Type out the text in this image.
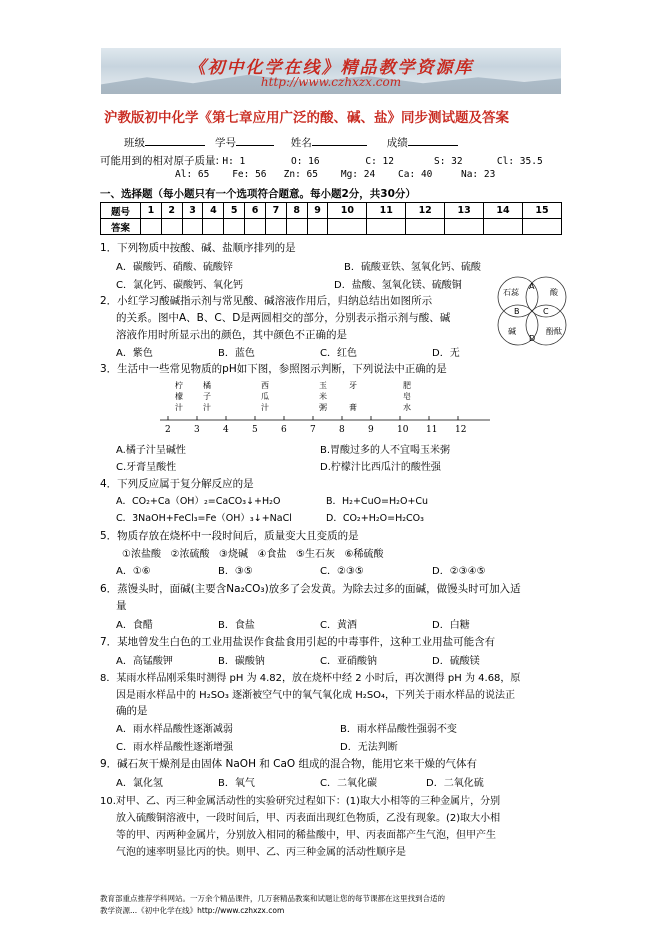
《初中化学在线》精品教学资源库
http://www.czhxzx.com
沪教版初中化学《第七章应用广泛的酸、碱、盐》同步测试题及答案
班级	学号	姓名	成绩
可能用到的相对原子质量: H: 1        O: 16        C: 12       S: 32      Cl: 35.5
Al: 65    Fe: 56   Zn: 65    Mg: 24    Ca: 40     Na: 23
一、选择题（每小题只有一个选项符合题意。每小题2分，共30分）
题号	1	2	3	4	5	6	7	8	9	10	11	12	13	14	15
答案															
1．下列物质中按酸、碱、盐顺序排列的是
A．碳酸钙、硝酸、硫酸锌	B．硫酸亚铁、氢氧化钙、硫酸
C．氯化钙、碳酸钙、氧化钙	D．盐酸、氢氧化镁、硫酸铜
2．小红学习酸碱指示剂与常见酸、碱溶液作用后，归纳总结出如图所示
的关系。图中A、B、C、D是两圆相交的部分，分别表示指示剂与酸、碱
溶液作用时所显示出的颜色，其中颜色不正确的是
A．紫色	B．蓝色	C．红色	D．无
石蕊	酸
碱	酚酞
A
B	C
D
3．生活中一些常见物质的pH如下图，参照图示判断，下列说法中正确的是
柠
檬
汁
橘
子
汁
西
瓜
汁
玉
米
粥
牙
膏
肥
皂
水
2	3	4	5	6	7	8	9	10 11 12
A.橘子汁呈碱性	B.胃酸过多的人不宜喝玉米粥
C.牙膏呈酸性	D.柠檬汁比西瓜汁的酸性强
4．下列反应属于复分解反应的是
A．CO₂+Ca（OH）₂=CaCO₃↓+H₂O	B．H₂+CuO=H₂O+Cu
C．3NaOH+FeCl₃=Fe（OH）₃↓+NaCl	D．CO₂+H₂O=H₂CO₃
5．物质存放在烧杯中一段时间后，质量变大且变质的是
①浓盐酸   ②浓硫酸   ③烧碱   ④食盐   ⑤生石灰   ⑥稀硫酸
A．①⑥	B．③⑤	C．②③⑤	D．②③④⑤
6．蒸馒头时，面碱(主要含Na₂CO₃)放多了会发黄。为除去过多的面碱，做馒头时可加入适
量
A．食醋	B．食盐	C．黄酒	D．白糖
7．某地曾发生白色的工业用盐误作食盐食用引起的中毒事件，这种工业用盐可能含有
A．高锰酸钾	B．碳酸钠	C．亚硝酸钠	D．硫酸镁
8．某雨水样品刚采集时测得 pH 为 4.82，放在烧杯中经 2 小时后，再次测得 pH 为 4.68，原
因是雨水样品中的 H₂SO₃ 逐渐被空气中的氧气氧化成 H₂SO₄，下列关于雨水样品的说法正
确的是
A．雨水样品酸性逐渐减弱	B．雨水样品酸性强弱不变
C．雨水样品酸性逐渐增强	D．无法判断
9．碱石灰干燥剂是由固体 NaOH 和 CaO 组成的混合物，能用它来干燥的气体有
A．氯化氢	B．氧气	C．二氧化碳	D．二氧化硫
10.对甲、乙、丙三种金属活动性的实验研究过程如下：(1)取大小相等的三种金属片，分别
放入硫酸铜溶液中，一段时间后，甲、丙表面出现红色物质，乙没有现象。(2)取大小相
等的甲、丙两种金属片，分别放入相同的稀盐酸中，甲、丙表面都产生气泡，但甲产生
气泡的速率明显比丙的快。则甲、乙、丙三种金属的活动性顺序是
教育部重点推荐学科网站。一万余个精品课件，几万套精品教案和试题让您的每节课都在这里找到合适的
教学资源...《初中化学在线》http://www.czhxzx.com
